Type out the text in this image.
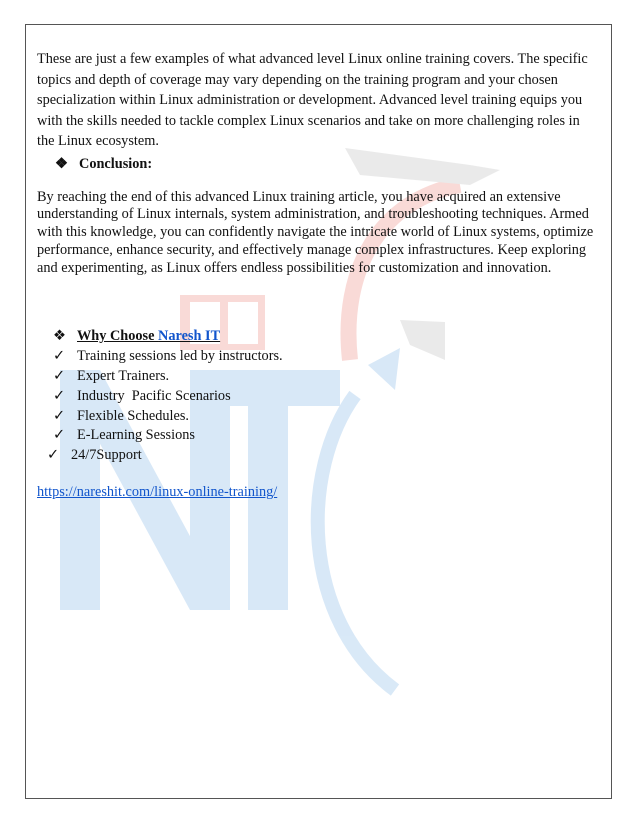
These are just a few examples of what advanced level Linux online training covers. The specific topics and depth of coverage may vary depending on the training program and your chosen specialization within Linux administration or development. Advanced level training equips you with the skills needed to tackle complex Linux scenarios and take on more challenging roles in the Linux ecosystem.

❖ Conclusion:

By reaching the end of this advanced Linux training article, you have acquired an extensive understanding of Linux internals, system administration, and troubleshooting techniques. Armed with this knowledge, you can confidently navigate the intricate world of Linux systems, optimize performance, enhance security, and effectively manage complex infrastructures. Keep exploring and experimenting, as Linux offers endless possibilities for customization and innovation.

❖ Why Choose Naresh IT
✓ Training sessions led by instructors.
✓ Expert Trainers.
✓ Industry  Pacific Scenarios
✓ Flexible Schedules.
✓ E-Learning Sessions
✓ 24/7Support
https://nareshit.com/linux-online-training/
